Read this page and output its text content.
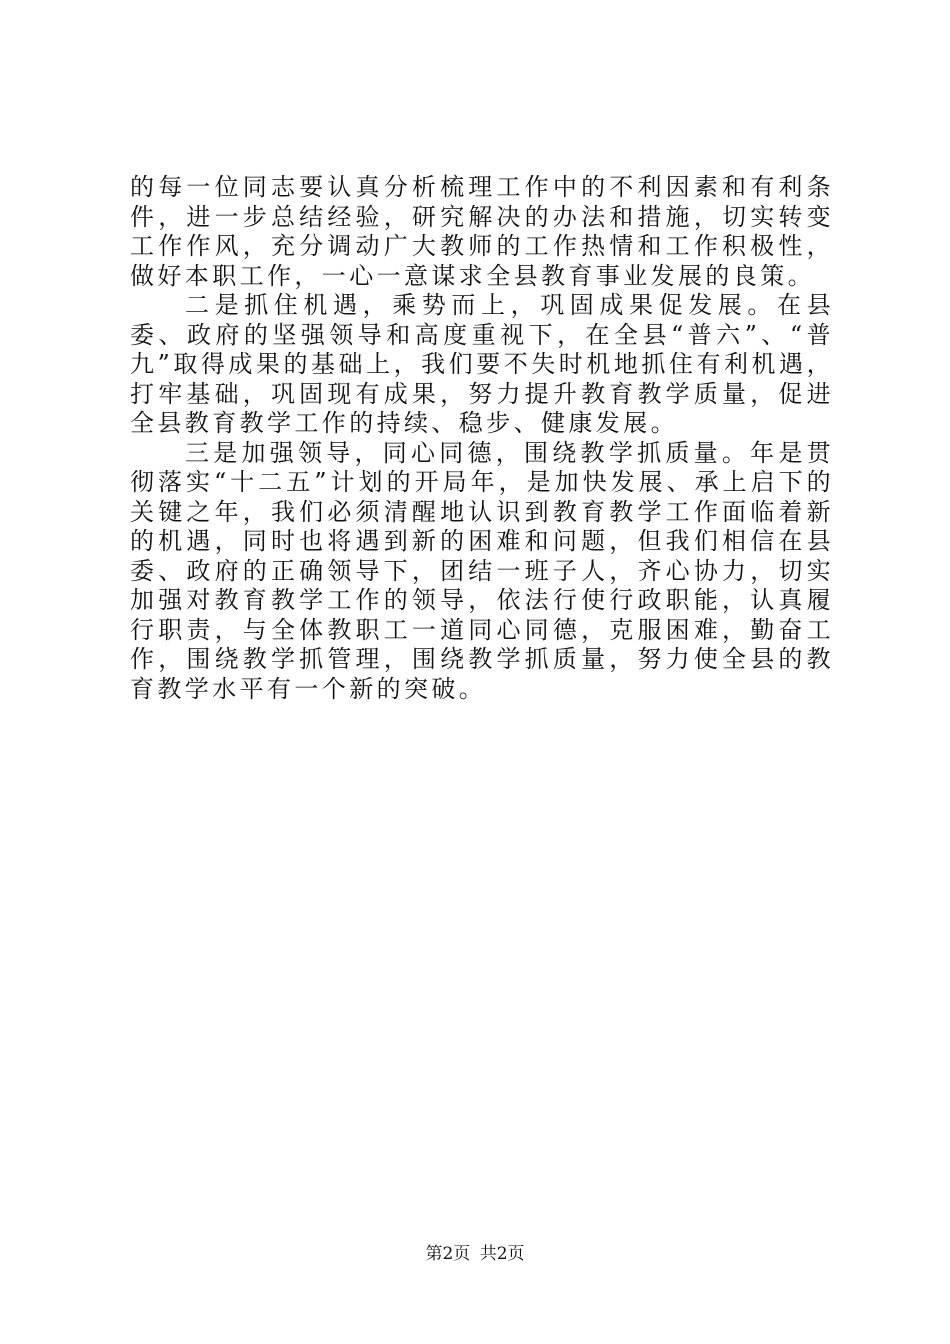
的每一位同志要认真分析梳理工作中的不利因素和有利条件，进一步总结经验，研究解决的办法和措施，切实转变工作作风，充分调动广大教师的工作热情和工作积极性，做好本职工作，一心一意谋求全县教育事业发展的良策。

二是抓住机遇，乘势而上，巩固成果促发展。在县委、政府的坚强领导和高度重视下，在全县“普六”、“普九”取得成果的基础上，我们要不失时机地抓住有利机遇，打牢基础，巩固现有成果，努力提升教育教学质量，促进全县教育教学工作的持续、稳步、健康发展。

三是加强领导，同心同德，围绕教学抓质量。年是贯彻落实“十二五”计划的开局年，是加快发展、承上启下的关键之年，我们必须清醒地认识到教育教学工作面临着新的机遇，同时也将遇到新的困难和问题，但我们相信在县委、政府的正确领导下，团结一班子人，齐心协力，切实加强对教育教学工作的领导，依法行使行政职能，认真履行职责，与全体教职工一道同心同德，克服困难，勤奋工作，围绕教学抓管理，围绕教学抓质量，努力使全县的教育教学水平有一个新的突破。

第2页 共2页
